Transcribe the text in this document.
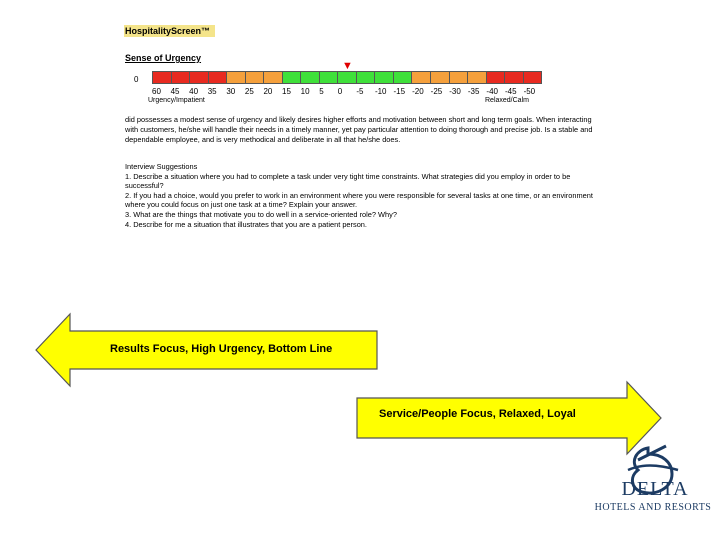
HospitalityScreen™
Sense of Urgency
0
▼
60	45	40	35	30	25	20	15	10	5	0	-5	-10 -15 -20 -25 -30 -35 -40 -45 -50
Urgency/Impatient	Relaxed/Calm
did possesses a modest sense of urgency and likely desires higher efforts and motivation between short and long term goals. When interacting with customers, he/she will handle their needs in a timely manner, yet pay particular attention to doing thorough and precise job. Is a stable and dependable employee, and is very methodical and deliberate in all that he/she does.
Interview Suggestions
1. Describe a situation where you had to complete a task under very tight time constraints. What strategies did you employ in order to be successful?
2. If you had a choice, would you prefer to work in an environment where you were responsible for several tasks at one time, or an environment where you could focus on just one task at a time? Explain your answer.
3. What are the things that motivate you to do well in a service-oriented role? Why?
4. Describe for me a situation that illustrates that you are a patient person.
Results Focus, High Urgency, Bottom Line
Service/People Focus, Relaxed, Loyal
DELTA
HOTELS AND RESORTS
